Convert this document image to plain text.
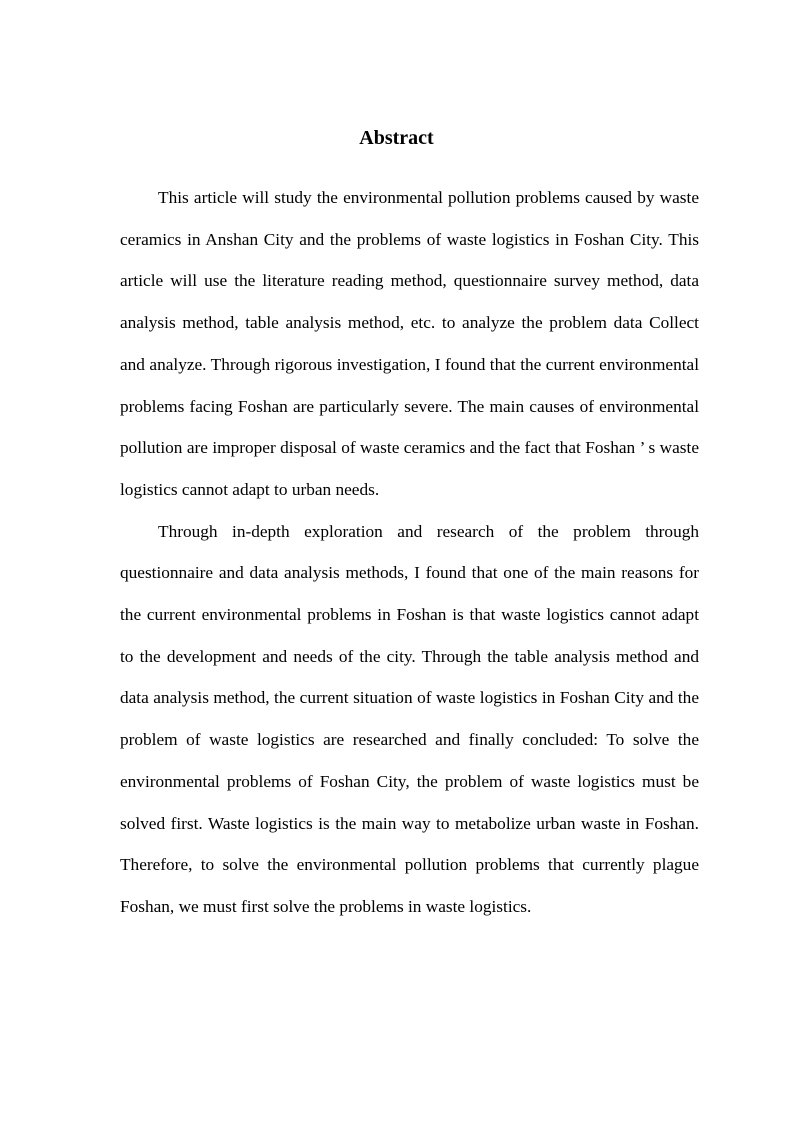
Abstract

This article will study the environmental pollution problems caused by waste ceramics in Anshan City and the problems of waste logistics in Foshan City. This article will use the literature reading method, questionnaire survey method, data analysis method, table analysis method, etc. to analyze the problem data Collect and analyze. Through rigorous investigation, I found that the current environmental problems facing Foshan are particularly severe. The main causes of environmental pollution are improper disposal of waste ceramics and the fact that Foshan ’ s waste logistics cannot adapt to urban needs.

Through in-depth exploration and research of the problem through questionnaire and data analysis methods, I found that one of the main reasons for the current environmental problems in Foshan is that waste logistics cannot adapt to the development and needs of the city. Through the table analysis method and data analysis method, the current situation of waste logistics in Foshan City and the problem of waste logistics are researched and finally concluded: To solve the environmental problems of Foshan City, the problem of waste logistics must be solved first. Waste logistics is the main way to metabolize urban waste in Foshan. Therefore, to solve the environmental pollution problems that currently plague Foshan, we must first solve the problems in waste logistics.
